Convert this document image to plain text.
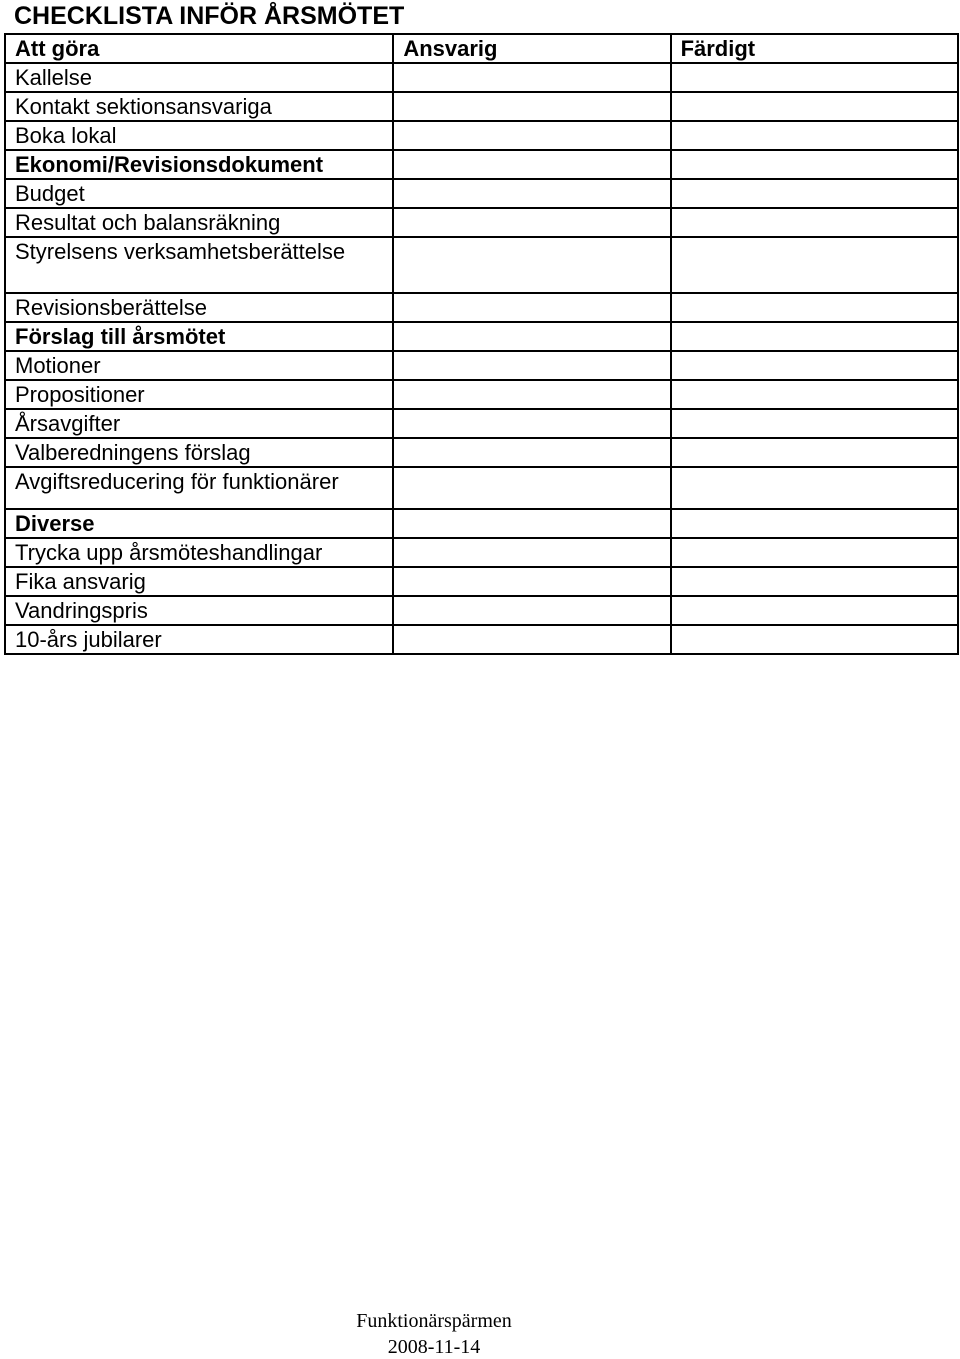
CHECKLISTA INFÖR ÅRSMÖTET
Att göra	Ansvarig	Färdigt
Kallelse		
Kontakt sektionsansvariga		
Boka lokal		
Ekonomi/Revisionsdokument		
Budget		
Resultat och balansräkning		
Styrelsens verksamhetsberättelse		
Revisionsberättelse		
Förslag till årsmötet		
Motioner		
Propositioner		
Årsavgifter		
Valberedningens förslag		
Avgiftsreducering för funktionärer		
Diverse		
Trycka upp årsmöteshandlingar		
Fika ansvarig		
Vandringspris		
10-års jubilarer		
Funktionärspärmen
2008-11-14
